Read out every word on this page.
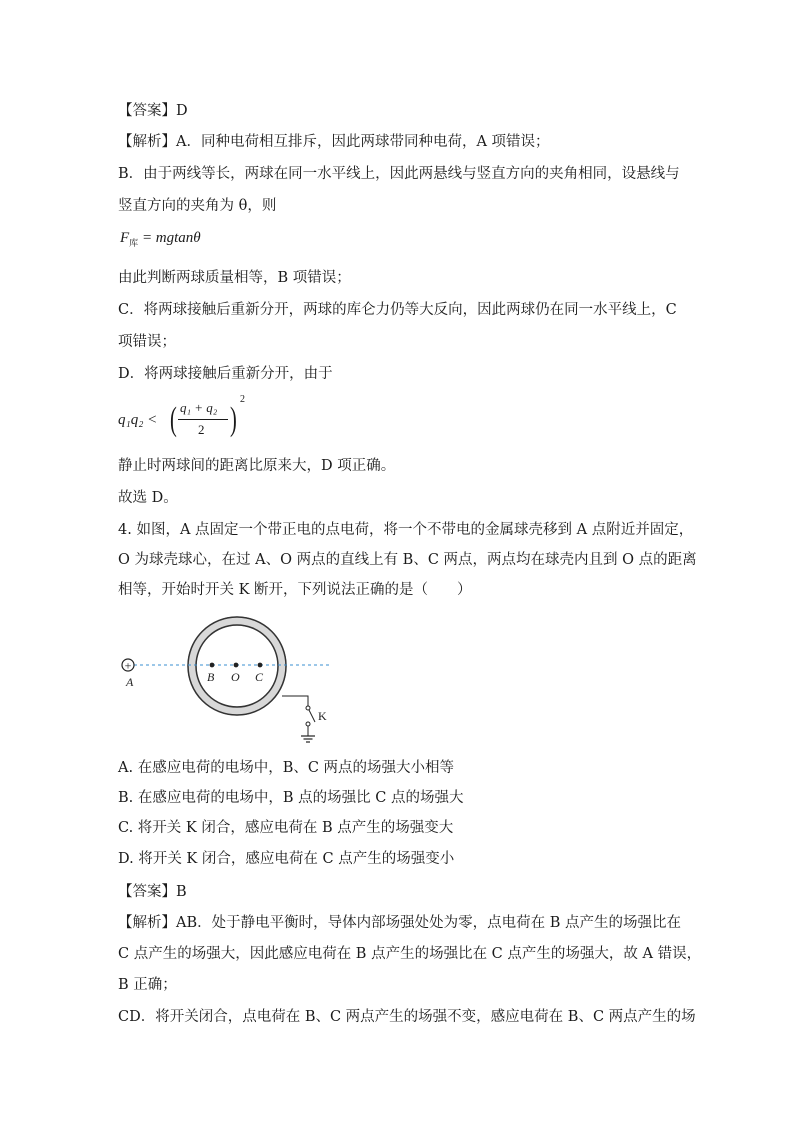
【答案】D
【解析】A．同种电荷相互排斥，因此两球带同种电荷，A 项错误；
B．由于两线等长，两球在同一水平线上，因此两悬线与竖直方向的夹角相同，设悬线与
竖直方向的夹角为 θ，则
$F_库 = mgtan\theta$
由此判断两球质量相等，B 项错误；
C．将两球接触后重新分开，两球的库仑力仍等大反向，因此两球仍在同一水平线上，C
项错误；
D．将两球接触后重新分开，由于
q₁q₂ < ( q₁ + q₂
2 )
2
静止时两球间的距离比原来大，D 项正确。
故选 D。
4. 如图，A 点固定一个带正电的点电荷，将一个不带电的金属球壳移到 A 点附近并固定，
O 为球壳球心，在过 A、O 两点的直线上有 B、C 两点，两点均在球壳内且到 O 点的距离
相等，开始时开关 K 断开，下列说法正确的是（　　）
+
A	B O C
K
A. 在感应电荷的电场中，B、C 两点的场强大小相等
B. 在感应电荷的电场中，B 点的场强比 C 点的场强大
C. 将开关 K 闭合，感应电荷在 B 点产生的场强变大
D. 将开关 K 闭合，感应电荷在 C 点产生的场强变小
【答案】B
【解析】AB．处于静电平衡时，导体内部场强处处为零，点电荷在 B 点产生的场强比在
C 点产生的场强大，因此感应电荷在 B 点产生的场强比在 C 点产生的场强大，故 A 错误，
B 正确；
CD．将开关闭合，点电荷在 B、C 两点产生的场强不变，感应电荷在 B、C 两点产生的场
